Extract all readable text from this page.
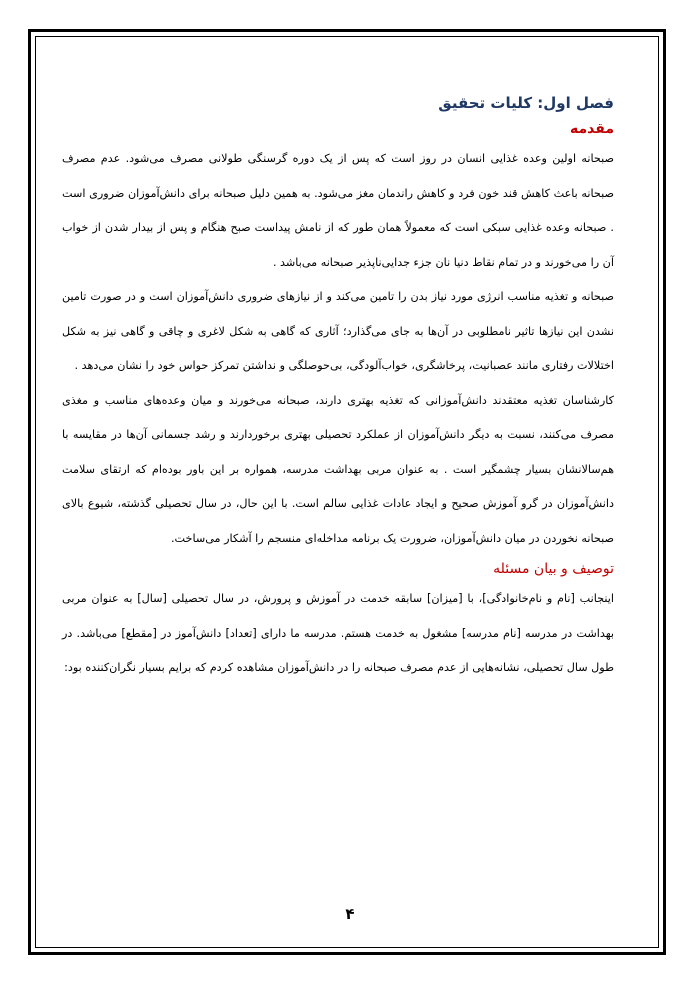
فصل اول: کلیات تحقیق
مقدمه

صبحانه اولین وعده غذایی انسان در روز است که پس از یک دوره گرسنگی طولانی مصرف می‌شود. عدم مصرف صبحانه باعث کاهش قند خون فرد و کاهش راندمان مغز می‌شود. به همین دلیل صبحانه برای دانش‌آموزان ضروری است . صبحانه وعده غذایی سبکی است که معمولاً همان طور که از نامش پیداست صبح هنگام و پس از بیدار شدن از خواب آن را می‌خورند و در تمام نقاط دنیا نان جزء جدایی‌ناپذیر صبحانه می‌باشد .

صبحانه و تغذیه مناسب انرژی مورد نیاز بدن را تامین می‌کند و از نیازهای ضروری دانش‌آموزان است و در صورت تامین نشدن این نیازها تاثیر نامطلوبی در آن‌ها به جای می‌گذارد؛ آثاری که گاهی به شکل لاغری و چاقی و گاهی نیز به شکل اختلالات رفتاری مانند عصبانیت، پرخاشگری، خواب‌آلودگی، بی‌حوصلگی و نداشتن تمرکز حواس خود را نشان می‌دهد .

کارشناسان تغذیه معتقدند دانش‌آموزانی که تغذیه بهتری دارند، صبحانه می‌خورند و میان وعده‌های مناسب و مغذی مصرف می‌کنند، نسبت به دیگر دانش‌آموزان از عملکرد تحصیلی بهتری برخوردارند و رشد جسمانی آن‌ها در مقایسه با هم‌سالانشان بسیار چشمگیر است . به عنوان مربی بهداشت مدرسه، همواره بر این باور بوده‌ام که ارتقای سلامت دانش‌آموزان در گرو آموزش صحیح و ایجاد عادات غذایی سالم است. با این حال، در سال تحصیلی گذشته، شیوع بالای صبحانه نخوردن در میان دانش‌آموزان، ضرورت یک برنامه مداخله‌ای منسجم را آشکار می‌ساخت.

توصیف و بیان مسئله

اینجانب [نام و نام‌خانوادگی]، با [میزان] سابقه خدمت در آموزش و پرورش، در سال تحصیلی [سال] به عنوان مربی بهداشت در مدرسه [نام مدرسه] مشغول به خدمت هستم. مدرسه ما دارای [تعداد] دانش‌آموز در [مقطع] می‌باشد. در طول سال تحصیلی، نشانه‌هایی از عدم مصرف صبحانه را در دانش‌آموزان مشاهده کردم که برایم بسیار نگران‌کننده بود:

۴
